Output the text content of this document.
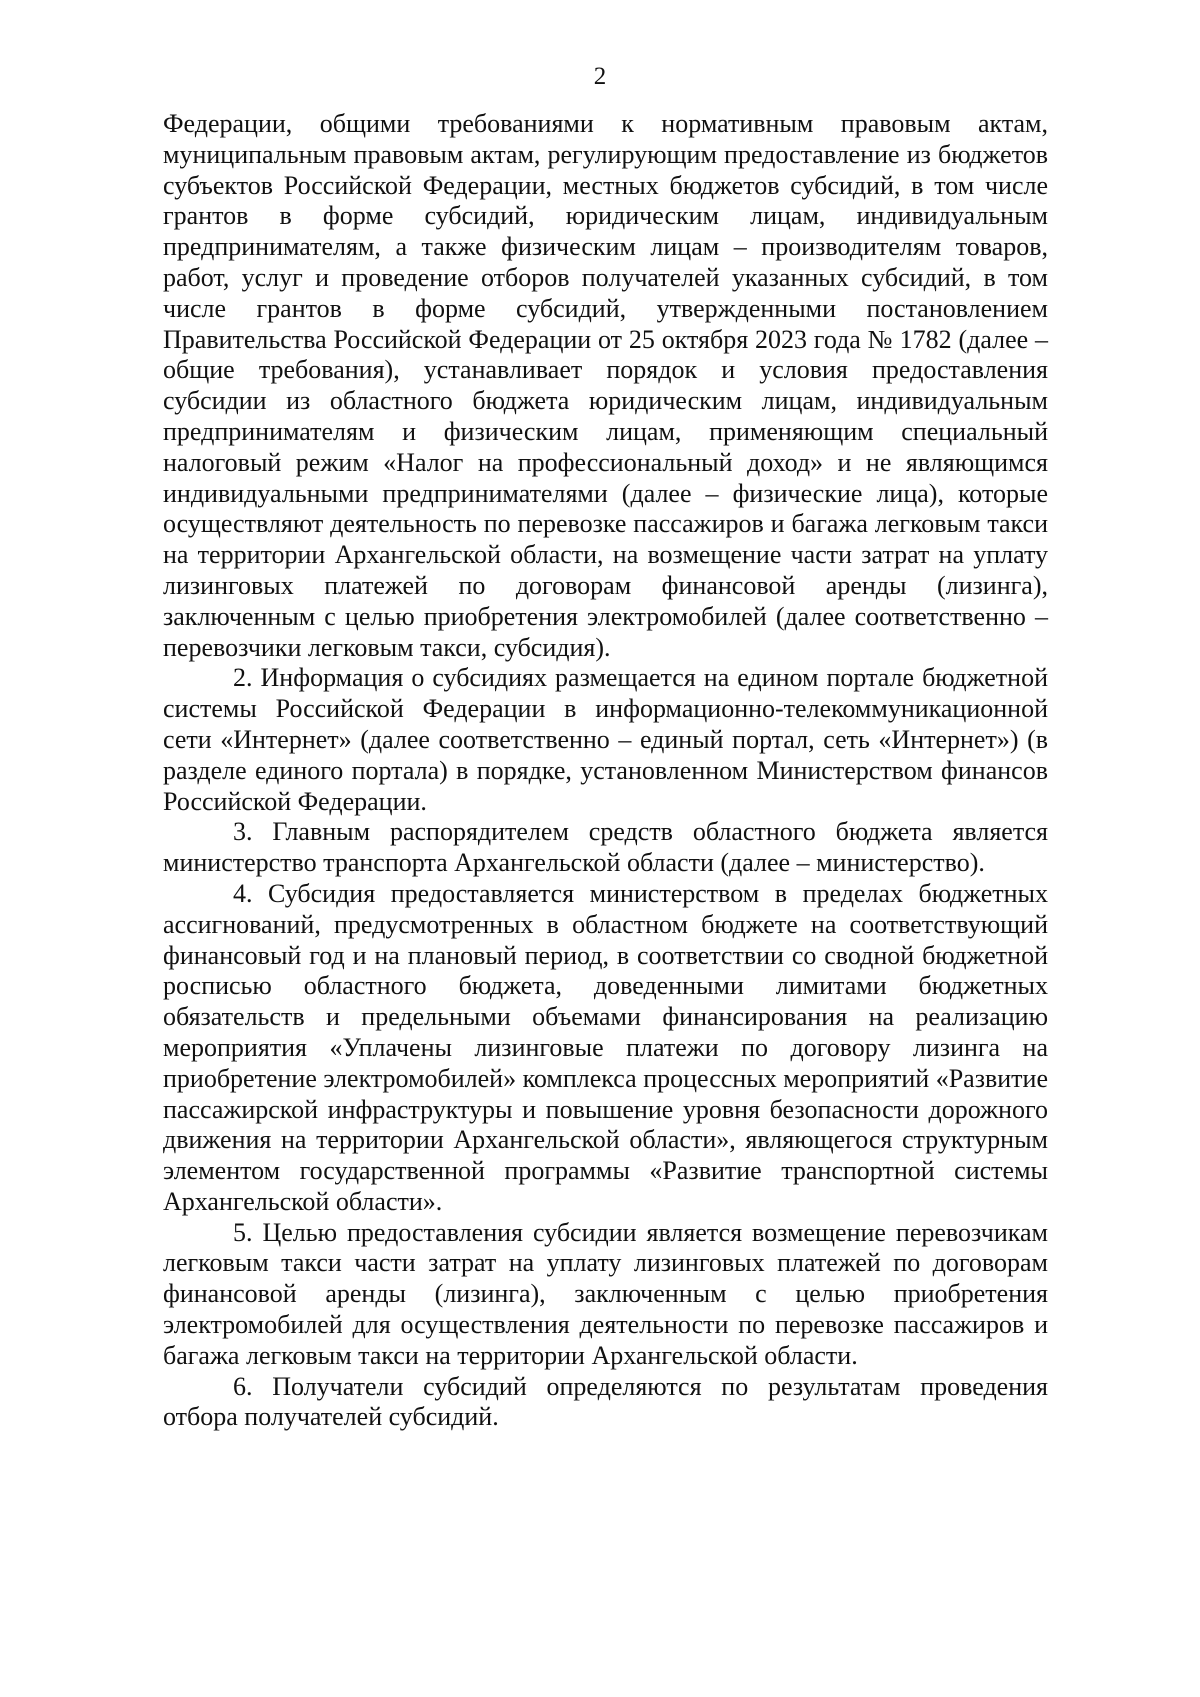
2

Федерации, общими требованиями к нормативным правовым актам, муниципальным правовым актам, регулирующим предоставление из бюджетов субъектов Российской Федерации, местных бюджетов субсидий, в том числе грантов в форме субсидий, юридическим лицам, индивидуальным предпринимателям, а также физическим лицам – производителям товаров, работ, услуг и проведение отборов получателей указанных субсидий, в том числе грантов в форме субсидий, утвержденными постановлением Правительства Российской Федерации от 25 октября 2023 года № 1782 (далее – общие требования), устанавливает порядок и условия предоставления субсидии из областного бюджета юридическим лицам, индивидуальным предпринимателям и физическим лицам, применяющим специальный налоговый режим «Налог на профессиональный доход» и не являющимся индивидуальными предпринимателями (далее – физические лица), которые осуществляют деятельность по перевозке пассажиров и багажа легковым такси на территории Архангельской области, на возмещение части затрат на уплату лизинговых платежей по договорам финансовой аренды (лизинга), заключенным с целью приобретения электромобилей (далее соответственно – перевозчики легковым такси, субсидия).

2. Информация о субсидиях размещается на едином портале бюджетной системы Российской Федерации в информационно-телекоммуникационной сети «Интернет» (далее соответственно – единый портал, сеть «Интернет») (в разделе единого портала) в порядке, установленном Министерством финансов Российской Федерации.

3. Главным распорядителем средств областного бюджета является министерство транспорта Архангельской области (далее – министерство).

4. Субсидия предоставляется министерством в пределах бюджетных ассигнований, предусмотренных в областном бюджете на соответствующий финансовый год и на плановый период, в соответствии со сводной бюджетной росписью областного бюджета, доведенными лимитами бюджетных обязательств и предельными объемами финансирования на реализацию мероприятия «Уплачены лизинговые платежи по договору лизинга на приобретение электромобилей» комплекса процессных мероприятий «Развитие пассажирской инфраструктуры и повышение уровня безопасности дорожного движения на территории Архангельской области», являющегося структурным элементом государственной программы «Развитие транспортной системы Архангельской области».

5. Целью предоставления субсидии является возмещение перевозчикам легковым такси части затрат на уплату лизинговых платежей по договорам финансовой аренды (лизинга), заключенным с целью приобретения электромобилей для осуществления деятельности по перевозке пассажиров и багажа легковым такси на территории Архангельской области.

6. Получатели субсидий определяются по результатам проведения отбора получателей субсидий.
